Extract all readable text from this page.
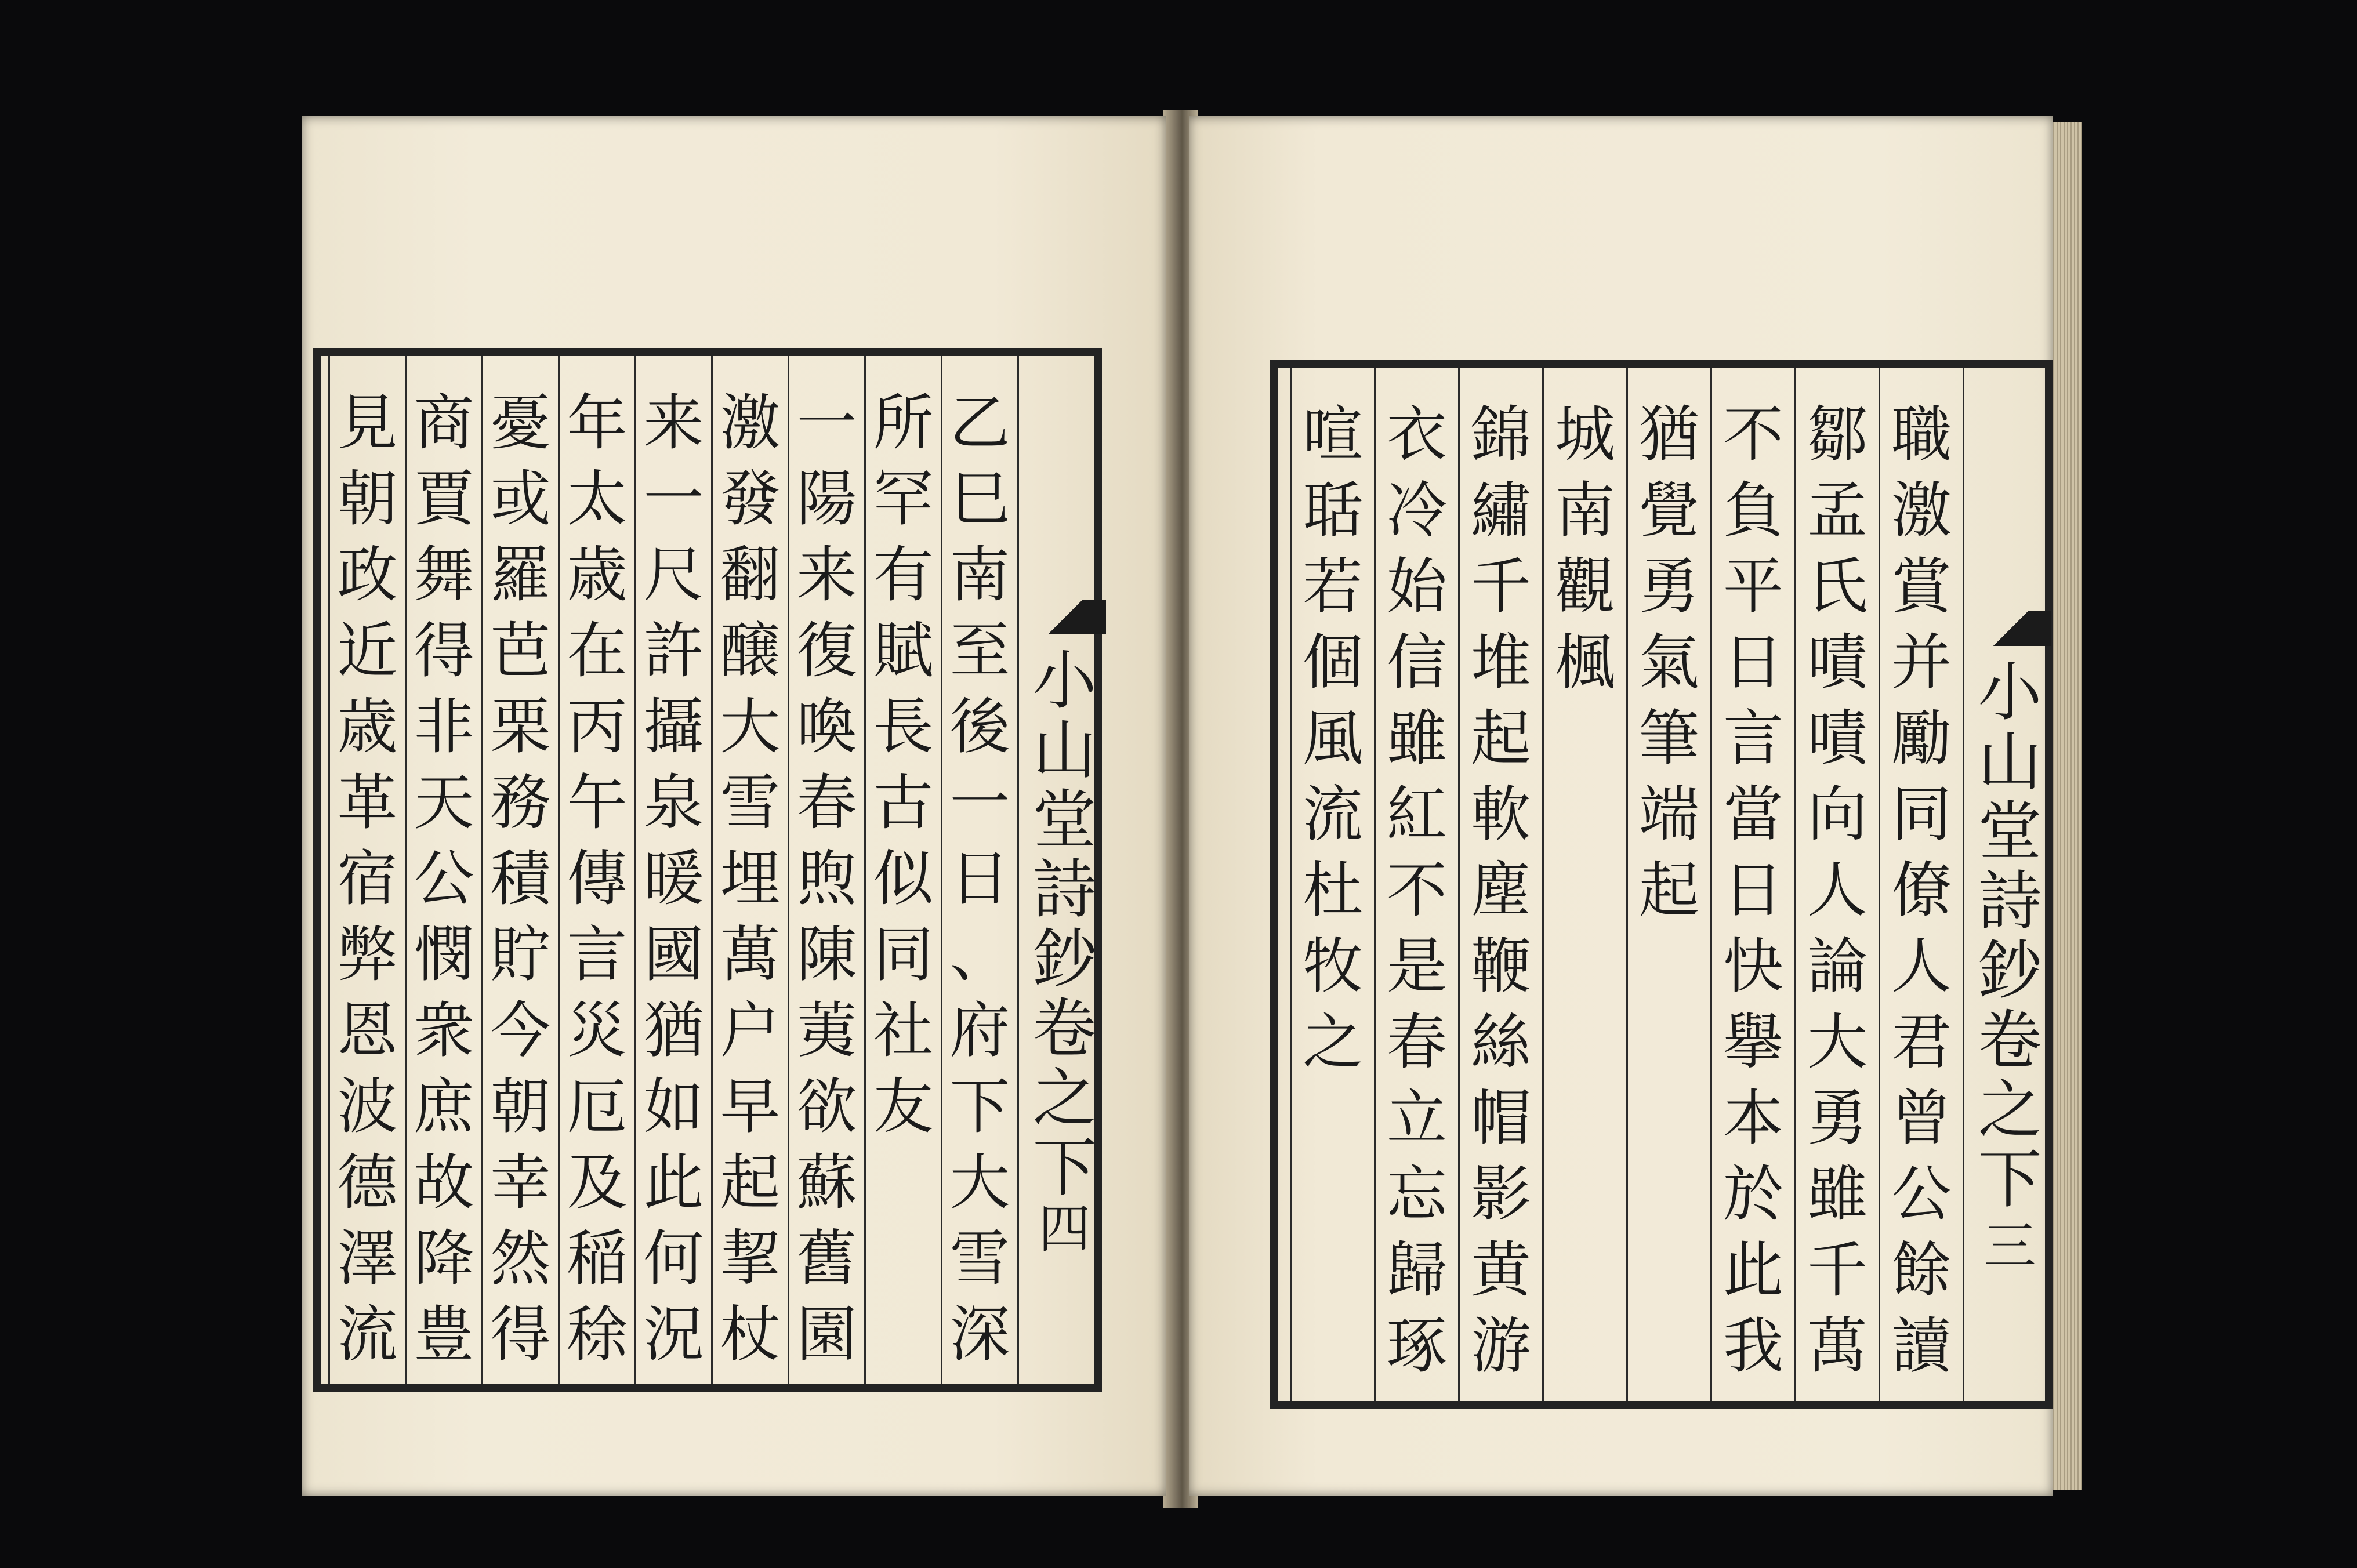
小
山
堂
詩
鈔
卷
之
下
四
乙
巳
南
至
後
一
日
、
府
下
大
雪
深
所
罕
有
賦
長
古
似
同
社
友
一
陽
来
復
喚
春
煦
陳
荑
欲
蘇
舊
園
激
發
翻
醸
大
雪
埋
萬
户
早
起
挈
杖
来
一
尺
許
攝
泉
暖
國
猶
如
此
何
況
年
太
歳
在
丙
午
傳
言
災
厄
及
稲
稌
憂
或
羅
芭
栗
務
積
貯
今
朝
幸
然
得
商
賈
舞
得
非
天
公
憫
衆
庶
故
降
豊
見
朝
政
近
歳
革
宿
弊
恩
波
德
澤
流
小
山
堂
詩
鈔
卷
之
下
三
職
激
賞
并
勵
同
僚
人
君
曾
公
餘
讀
鄒
孟
氏
嘖
嘖
向
人
論
大
勇
雖
千
萬
不
負
平
日
言
當
日
快
擧
本
於
此
我
猶
覺
勇
氣
筆
端
起
城
南
觀
楓
錦
繡
千
堆
起
軟
塵
鞭
絲
帽
影
黄
游
衣
冷
始
信
雖
紅
不
是
春
立
忘
歸
琢
喧
聒
若
個
風
流
杜
牧
之
